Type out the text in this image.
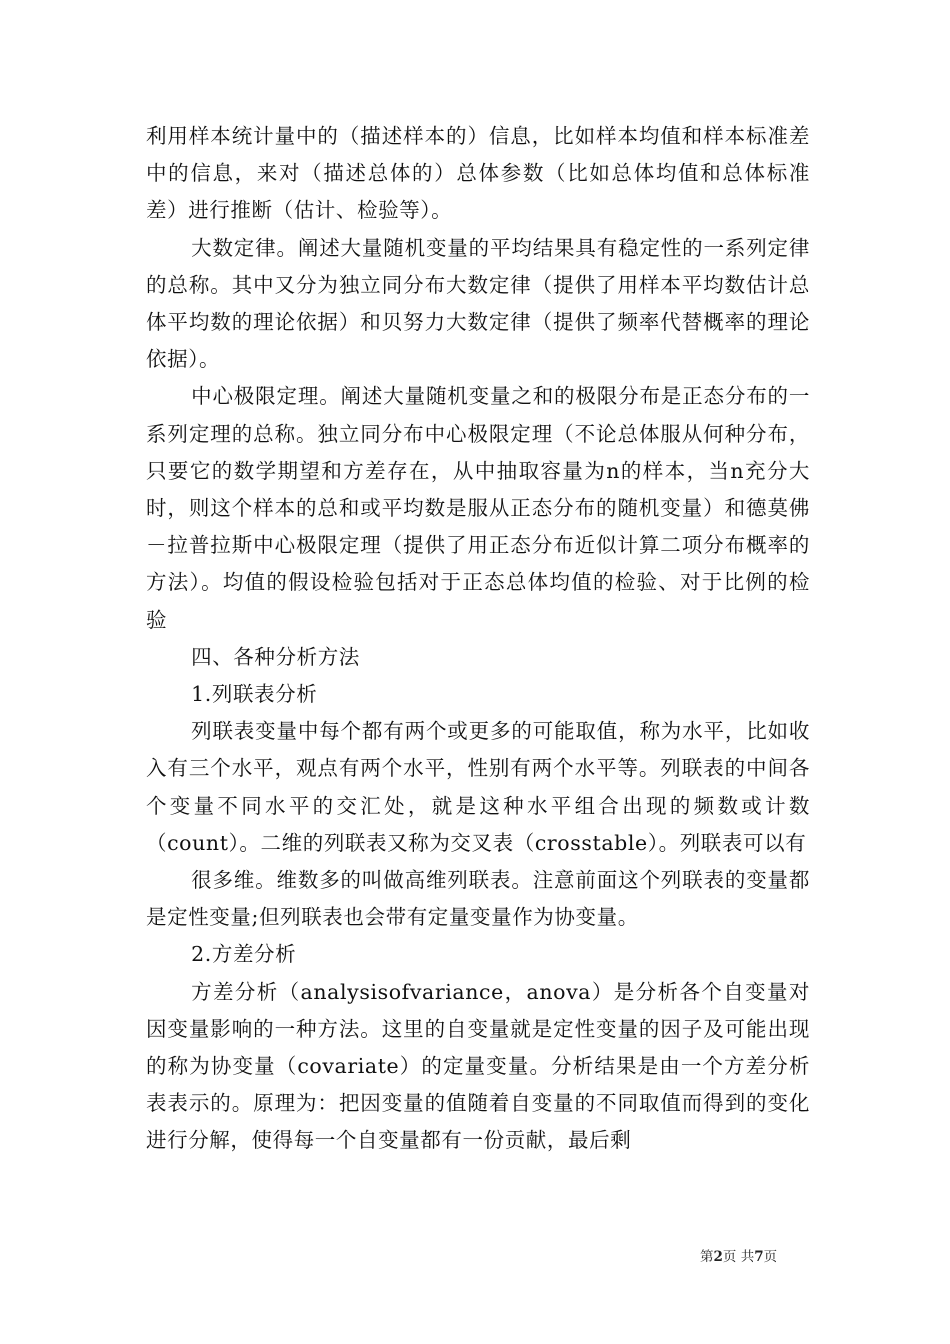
利用样本统计量中的（描述样本的）信息，比如样本均值和样本标准差中的信息，来对（描述总体的）总体参数（比如总体均值和总体标准差）进行推断（估计、检验等）。

大数定律。阐述大量随机变量的平均结果具有稳定性的一系列定律的总称。其中又分为独立同分布大数定律（提供了用样本平均数估计总体平均数的理论依据）和贝努力大数定律（提供了频率代替概率的理论依据）。

中心极限定理。阐述大量随机变量之和的极限分布是正态分布的一系列定理的总称。独立同分布中心极限定理（不论总体服从何种分布，只要它的数学期望和方差存在，从中抽取容量为n的样本，当n充分大时，则这个样本的总和或平均数是服从正态分布的随机变量）和德莫佛－拉普拉斯中心极限定理（提供了用正态分布近似计算二项分布概率的方法）。均值的假设检验包括对于正态总体均值的检验、对于比例的检验

四、各种分析方法

1.列联表分析

列联表变量中每个都有两个或更多的可能取值，称为水平，比如收入有三个水平，观点有两个水平，性别有两个水平等。列联表的中间各个变量不同水平的交汇处，就是这种水平组合出现的频数或计数（count）。二维的列联表又称为交叉表（crosstable）。列联表可以有

很多维。维数多的叫做高维列联表。注意前面这个列联表的变量都是定性变量;但列联表也会带有定量变量作为协变量。

2.方差分析

方差分析（analysisofvariance，anova）是分析各个自变量对因变量影响的一种方法。这里的自变量就是定性变量的因子及可能出现的称为协变量（covariate）的定量变量。分析结果是由一个方差分析表表示的。原理为：把因变量的值随着自变量的不同取值而得到的变化进行分解，使得每一个自变量都有一份贡献，最后剩

第2页 共7页
